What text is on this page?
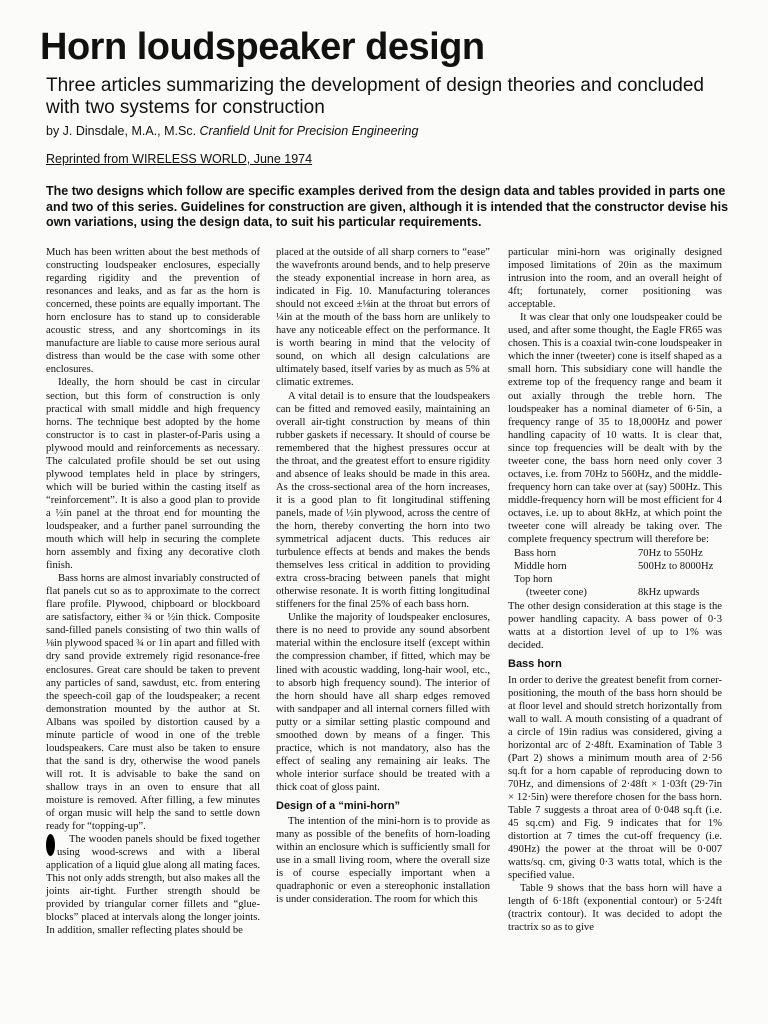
Horn loudspeaker design

Three articles summarizing the development of design theories and concluded with two systems for construction

by J. Dinsdale, M.A., M.Sc. Cranfield Unit for Precision Engineering
Reprinted from WIRELESS WORLD, June 1974

The two designs which follow are specific examples derived from the design data and tables provided in parts one and two of this series. Guidelines for construction are given, although it is intended that the constructor devise his own variations, using the design data, to suit his particular requirements.

Much has been written about the best methods of constructing loudspeaker enclosures, especially regarding rigidity and the prevention of resonances and leaks, and as far as the horn is concerned, these points are equally important. The horn enclosure has to stand up to considerable acoustic stress, and any shortcomings in its manufacture are liable to cause more serious aural distress than would be the case with some other enclosures.

Ideally, the horn should be cast in circular section, but this form of construction is only practical with small middle and high frequency horns. The technique best adopted by the home constructor is to cast in plaster-of-Paris using a plywood mould and reinforcements as necessary. The calculated profile should be set out using plywood templates held in place by stringers, which will be buried within the casting itself as “reinforcement”. It is also a good plan to provide a ½in panel at the throat end for mounting the loudspeaker, and a further panel surrounding the mouth which will help in securing the complete horn assembly and fixing any decorative cloth finish.

Bass horns are almost invariably constructed of flat panels cut so as to approximate to the correct flare profile. Plywood, chipboard or blockboard are satisfactory, either ¾ or ½in thick. Composite sand-filled panels consisting of two thin walls of ⅛in plywood spaced ¾ or 1in apart and filled with dry sand provide extremely rigid resonance-free enclosures. Great care should be taken to prevent any particles of sand, sawdust, etc. from entering the speech-coil gap of the loudspeaker; a recent demonstration mounted by the author at St. Albans was spoiled by distortion caused by a minute particle of wood in one of the treble loudspeakers. Care must also be taken to ensure that the sand is dry, otherwise the wood panels will rot. It is advisable to bake the sand on shallow trays in an oven to ensure that all moisture is removed. After filling, a few minutes of organ music will help the sand to settle down ready for “topping-up”.

The wooden panels should be fixed together using wood-screws and with a liberal application of a liquid glue along all mating faces. This not only adds strength, but also makes all the joints air-tight. Further strength should be provided by triangular corner fillets and “glue-blocks” placed at intervals along the longer joints. In addition, smaller reflecting plates should be

placed at the outside of all sharp corners to “ease” the wavefronts around bends, and to help preserve the steady exponential increase in horn area, as indicated in Fig. 10. Manufacturing tolerances should not exceed ±⅛in at the throat but errors of ¼in at the mouth of the bass horn are unlikely to have any noticeable effect on the performance. It is worth bearing in mind that the velocity of sound, on which all design calculations are ultimately based, itself varies by as much as 5% at climatic extremes.

A vital detail is to ensure that the loudspeakers can be fitted and removed easily, maintaining an overall air-tight construction by means of thin rubber gaskets if necessary. It should of course be remembered that the highest pressures occur at the throat, and the greatest effort to ensure rigidity and absence of leaks should be made in this area. As the cross-sectional area of the horn increases, it is a good plan to fit longitudinal stiffening panels, made of ½in plywood, across the centre of the horn, thereby converting the horn into two symmetrical adjacent ducts. This reduces air turbulence effects at bends and makes the bends themselves less critical in addition to providing extra cross-bracing between panels that might otherwise resonate. It is worth fitting longitudinal stiffeners for the final 25% of each bass horn.

Unlike the majority of loudspeaker enclosures, there is no need to provide any sound absorbent material within the enclosure itself (except within the compression chamber, if fitted, which may be lined with acoustic wadding, long-hair wool, etc., to absorb high frequency sound). The interior of the horn should have all sharp edges removed with sandpaper and all internal corners filled with putty or a similar setting plastic compound and smoothed down by means of a finger. This practice, which is not mandatory, also has the effect of sealing any remaining air leaks. The whole interior surface should be treated with a thick coat of gloss paint.

Design of a “mini-horn”

The intention of the mini-horn is to provide as many as possible of the benefits of horn-loading within an enclosure which is sufficiently small for use in a small living room, where the overall size is of course especially important when a quadraphonic or even a stereophonic installation is under consideration. The room for which this

particular mini-horn was originally designed imposed limitations of 20in as the maximum intrusion into the room, and an overall height of 4ft; fortunately, corner positioning was acceptable.

It was clear that only one loudspeaker could be used, and after some thought, the Eagle FR65 was chosen. This is a coaxial twin-cone loudspeaker in which the inner (tweeter) cone is itself shaped as a small horn. This subsidiary cone will handle the extreme top of the frequency range and beam it out axially through the treble horn. The loudspeaker has a nominal diameter of 6·5in, a frequency range of 35 to 18,000Hz and power handling capacity of 10 watts. It is clear that, since top frequencies will be dealt with by the tweeter cone, the bass horn need only cover 3 octaves, i.e. from 70Hz to 560Hz, and the middle-frequency horn can take over at (say) 500Hz. This middle-frequency horn will be most efficient for 4 octaves, i.e. up to about 8kHz, at which point the tweeter cone will already be taking over. The complete frequency spectrum will therefore be:

Bass horn	70Hz to 550Hz
Middle horn	500Hz to 8000Hz
Top horn	
(tweeter cone)	8kHz upwards

The other design consideration at this stage is the power handling capacity. A bass power of 0·3 watts at a distortion level of up to 1% was decided.

Bass horn

In order to derive the greatest benefit from corner-positioning, the mouth of the bass horn should be at floor level and should stretch horizontally from wall to wall. A mouth consisting of a quadrant of a circle of 19in radius was considered, giving a horizontal arc of 2·48ft. Examination of Table 3 (Part 2) shows a minimum mouth area of 2·56 sq.ft for a horn capable of reproducing down to 70Hz, and dimensions of 2·48ft × 1·03ft (29·7in × 12·5in) were therefore chosen for the bass horn. Table 7 suggests a throat area of 0·048 sq.ft (i.e. 45 sq.cm) and Fig. 9 indicates that for 1% distortion at 7 times the cut-off frequency (i.e. 490Hz) the power at the throat will be 0·007 watts/sq. cm, giving 0·3 watts total, which is the specified value.

Table 9 shows that the bass horn will have a length of 6·18ft (exponential contour) or 5·24ft (tractrix contour). It was decided to adopt the tractrix so as to give
